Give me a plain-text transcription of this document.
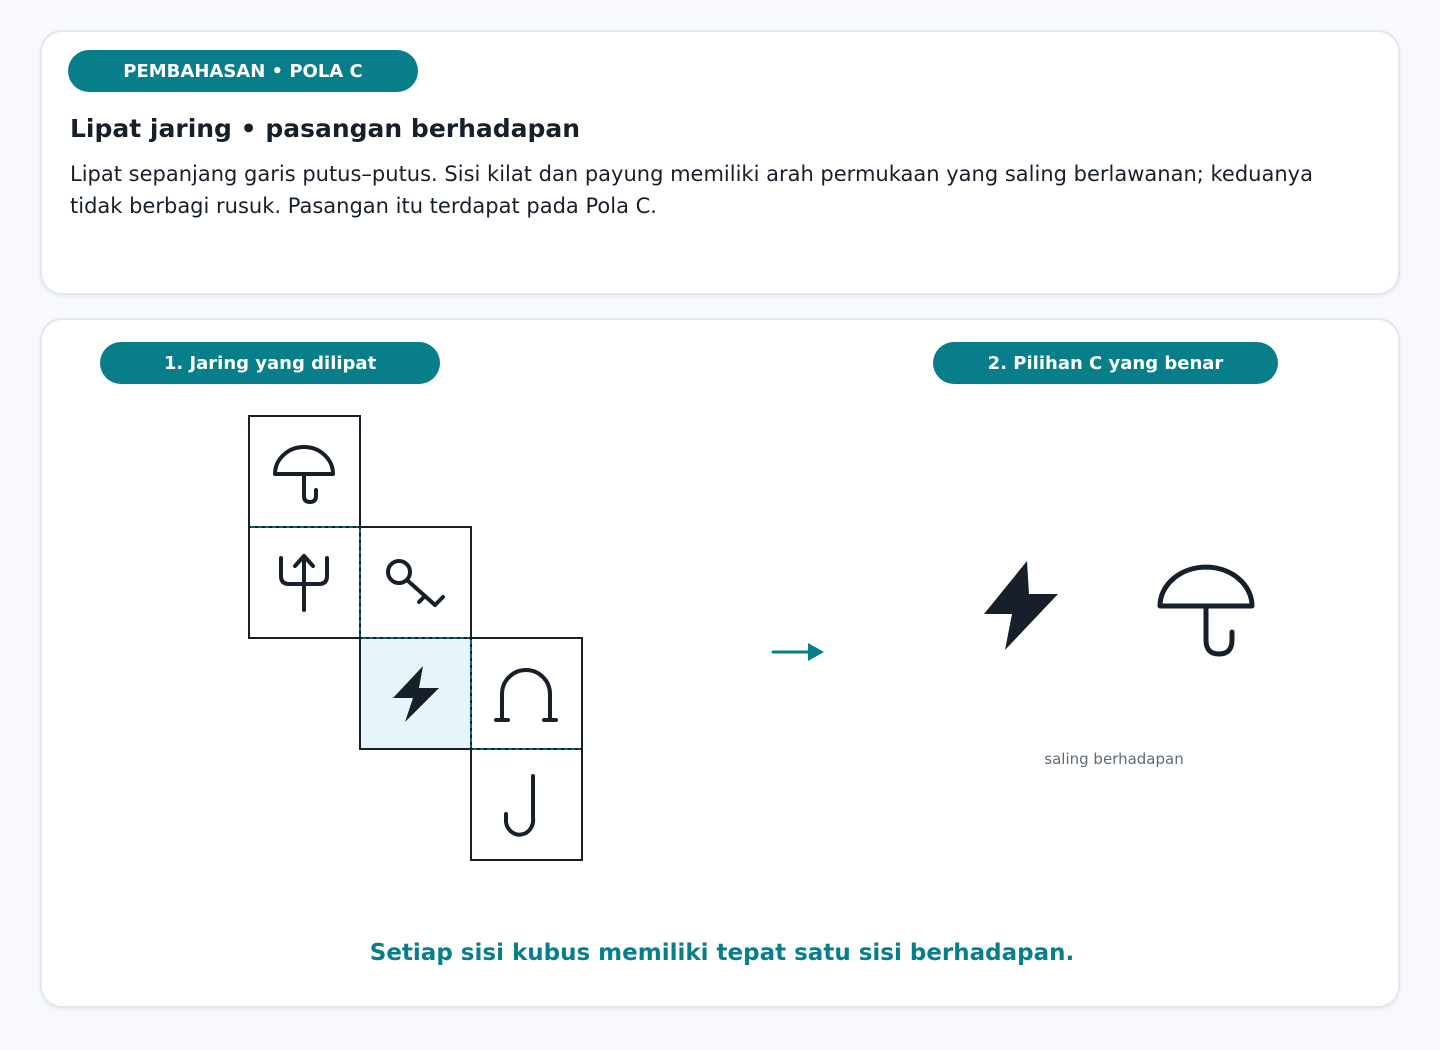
PEMBAHASAN • POLA C
Lipat jaring • pasangan berhadapan
Lipat sepanjang garis putus–putus. Sisi kilat dan payung memiliki arah permukaan yang saling berlawanan; keduanya tidak berbagi rusuk. Pasangan itu terdapat pada Pola C.
1. Jaring yang dilipat	2. Pilihan C yang benar
saling berhadapan
Setiap sisi kubus memiliki tepat satu sisi berhadapan.
